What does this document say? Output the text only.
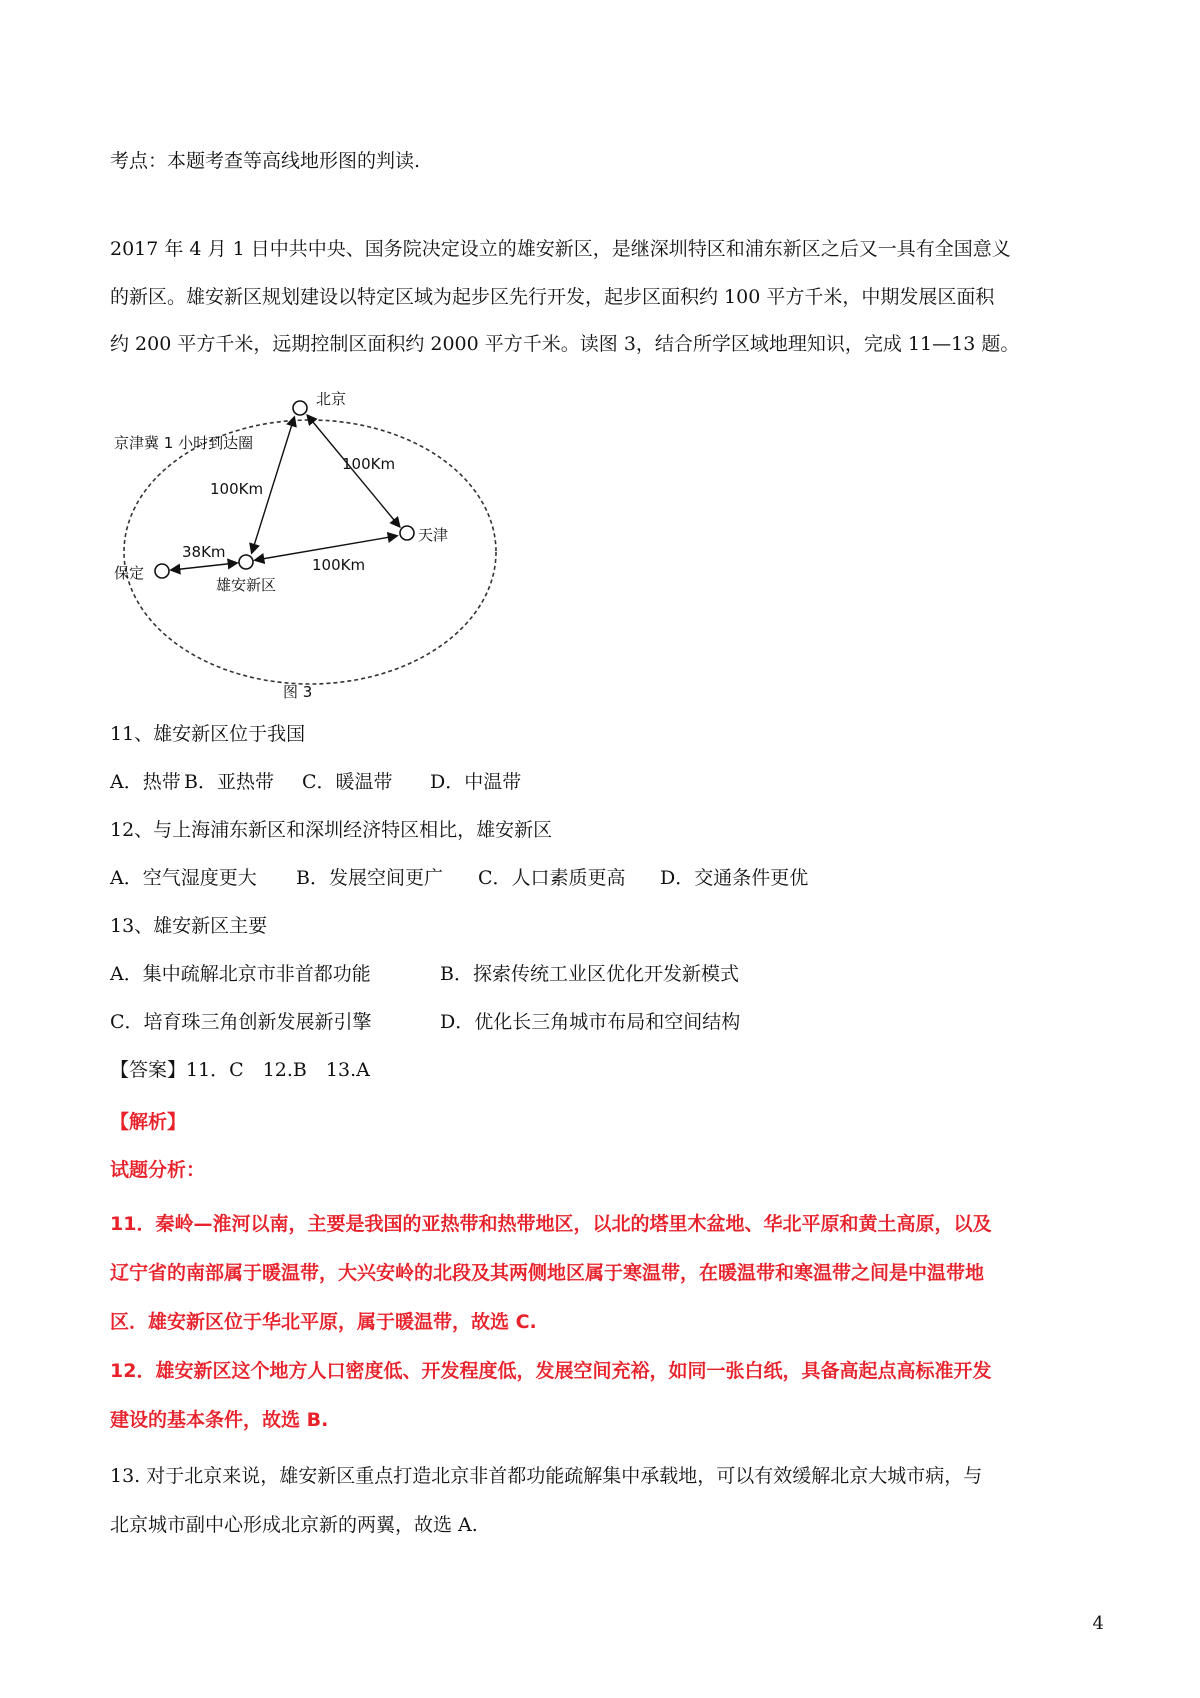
考点：本题考查等高线地形图的判读.
2017 年 4 月 1 日中共中央、国务院决定设立的雄安新区，是继深圳特区和浦东新区之后又一具有全国意义
的新区。雄安新区规划建设以特定区域为起步区先行开发，起步区面积约 100 平方千米，中期发展区面积
约 200 平方千米，远期控制区面积约 2000 平方千米。读图 3，结合所学区域地理知识，完成 11—13 题。
北京
天津
雄安新区
保定
京津冀 1 小时到达圈
100Km
100Km
100Km
38Km
图 3
11、雄安新区位于我国
A．热带 B．亚热带 C．暖温带 D．中温带
12、与上海浦东新区和深圳经济特区相比，雄安新区
A．空气湿度更大 B．发展空间更广 C．人口素质更高 D．交通条件更优
13、雄安新区主要
A．集中疏解北京市非首都功能	B．探索传统工业区优化开发新模式
C．培育珠三角创新发展新引擎	D．优化长三角城市布局和空间结构
【答案】11．C　12.B　13.A
【解析】
试题分析：
11．秦岭—淮河以南，主要是我国的亚热带和热带地区，以北的塔里木盆地、华北平原和黄土高原，以及
辽宁省的南部属于暖温带，大兴安岭的北段及其两侧地区属于寒温带，在暖温带和寒温带之间是中温带地
区．雄安新区位于华北平原，属于暖温带，故选 C.
12．雄安新区这个地方人口密度低、开发程度低，发展空间充裕，如同一张白纸，具备高起点高标准开发
建设的基本条件，故选 B.
13. 对于北京来说，雄安新区重点打造北京非首都功能疏解集中承载地，可以有效缓解北京大城市病，与
北京城市副中心形成北京新的两翼，故选 A.
4
